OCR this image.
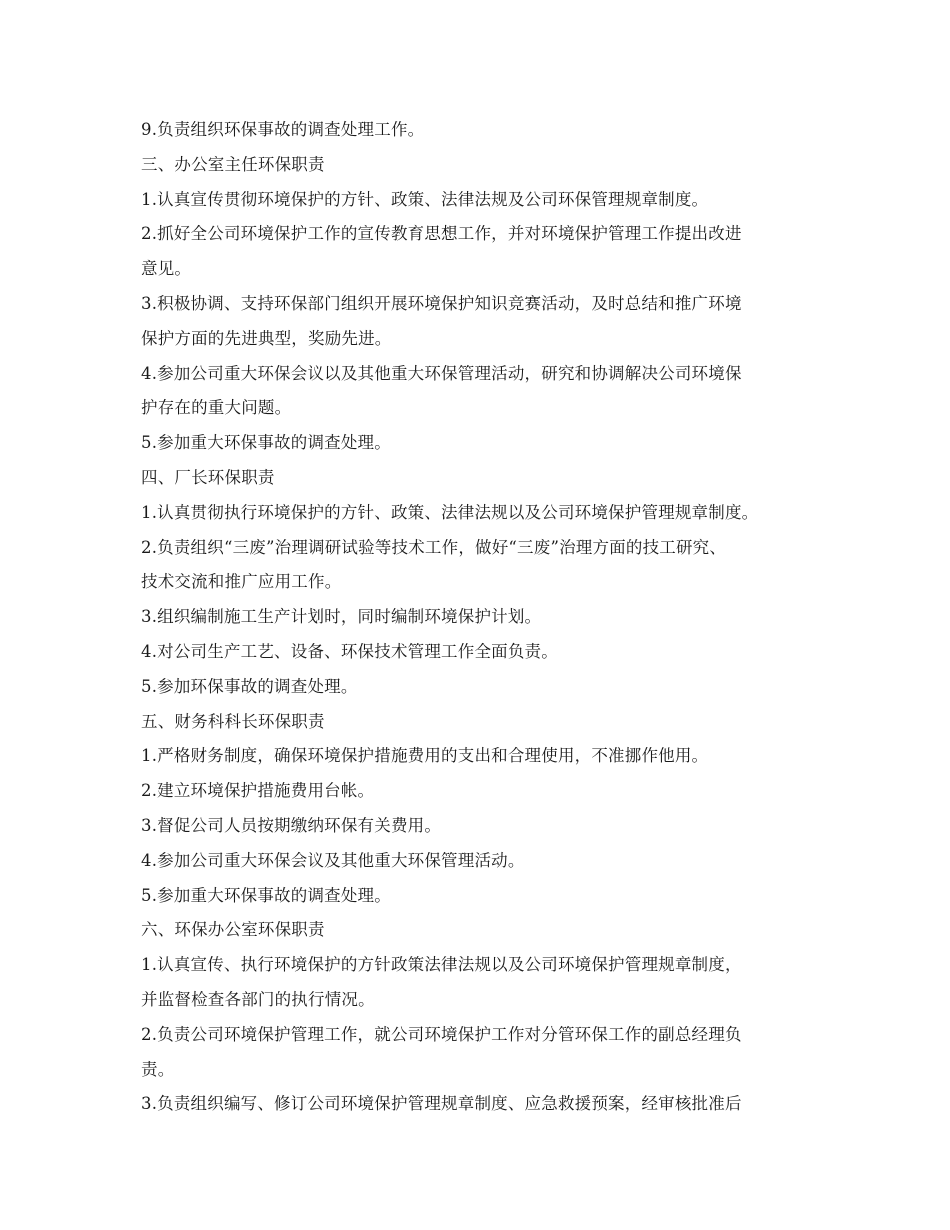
9.负责组织环保事故的调查处理工作。
三、办公室主任环保职责
1.认真宣传贯彻环境保护的方针、政策、法律法规及公司环保管理规章制度。
2.抓好全公司环境保护工作的宣传教育思想工作，并对环境保护管理工作提出改进
意见。
3.积极协调、支持环保部门组织开展环境保护知识竞赛活动，及时总结和推广环境
保护方面的先进典型，奖励先进。
4.参加公司重大环保会议以及其他重大环保管理活动，研究和协调解决公司环境保
护存在的重大问题。
5.参加重大环保事故的调查处理。
四、厂长环保职责
1.认真贯彻执行环境保护的方针、政策、法律法规以及公司环境保护管理规章制度。
2.负责组织“三废”治理调研试验等技术工作，做好“三废”治理方面的技工研究、
技术交流和推广应用工作。
3.组织编制施工生产计划时，同时编制环境保护计划。
4.对公司生产工艺、设备、环保技术管理工作全面负责。
5.参加环保事故的调查处理。
五、财务科科长环保职责
1.严格财务制度，确保环境保护措施费用的支出和合理使用，不准挪作他用。
2.建立环境保护措施费用台帐。
3.督促公司人员按期缴纳环保有关费用。
4.参加公司重大环保会议及其他重大环保管理活动。
5.参加重大环保事故的调查处理。
六、环保办公室环保职责
1.认真宣传、执行环境保护的方针政策法律法规以及公司环境保护管理规章制度，
并监督检查各部门的执行情况。
2.负责公司环境保护管理工作，就公司环境保护工作对分管环保工作的副总经理负
责。
3.负责组织编写、修订公司环境保护管理规章制度、应急救援预案，经审核批准后
